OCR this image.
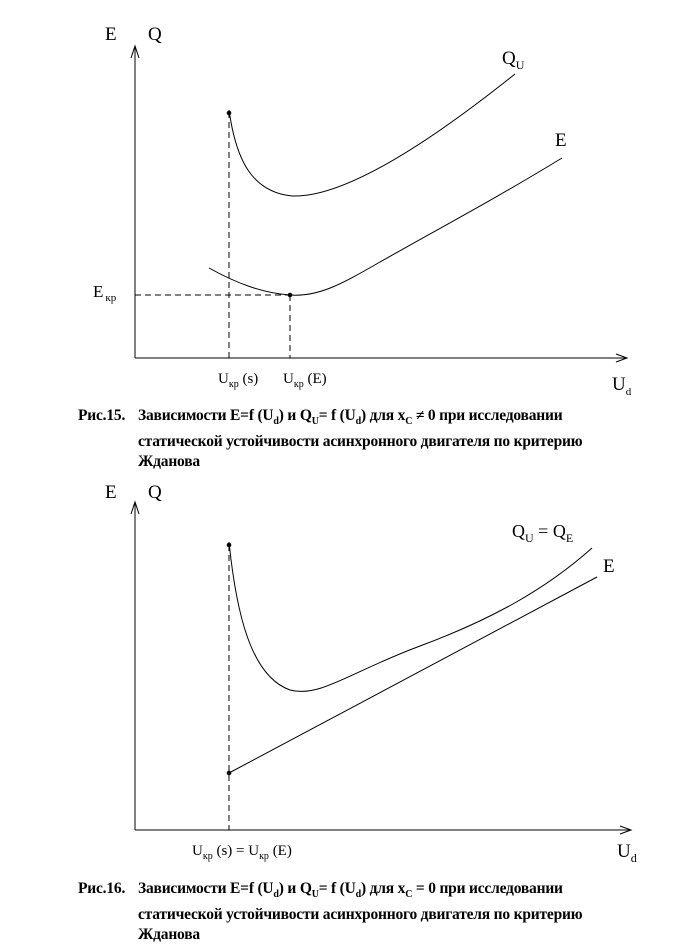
E Q
$U_d$
$Q_U$
E
E $_{кр}$
$U_{кр}$ (s) $U_{кр}$ (E)
E Q
$U_d$
$Q_U = Q_E$
E
$U_{кр}$ $(s) = U_{кр}$ (E)
Рис.15. Зависимости E=f $(U_d)$ и $Q_U= f$ $(U_d)$ для $x_C \ne 0$ при исследовании
статической устойчивости асинхронного двигателя по критерию
Жданова
Рис.16. Зависимости E=f $(U_d)$ и $Q_U= f$ $(U_d)$ для $x_C = 0$ при исследовании
статической устойчивости асинхронного двигателя по критерию
Жданова
